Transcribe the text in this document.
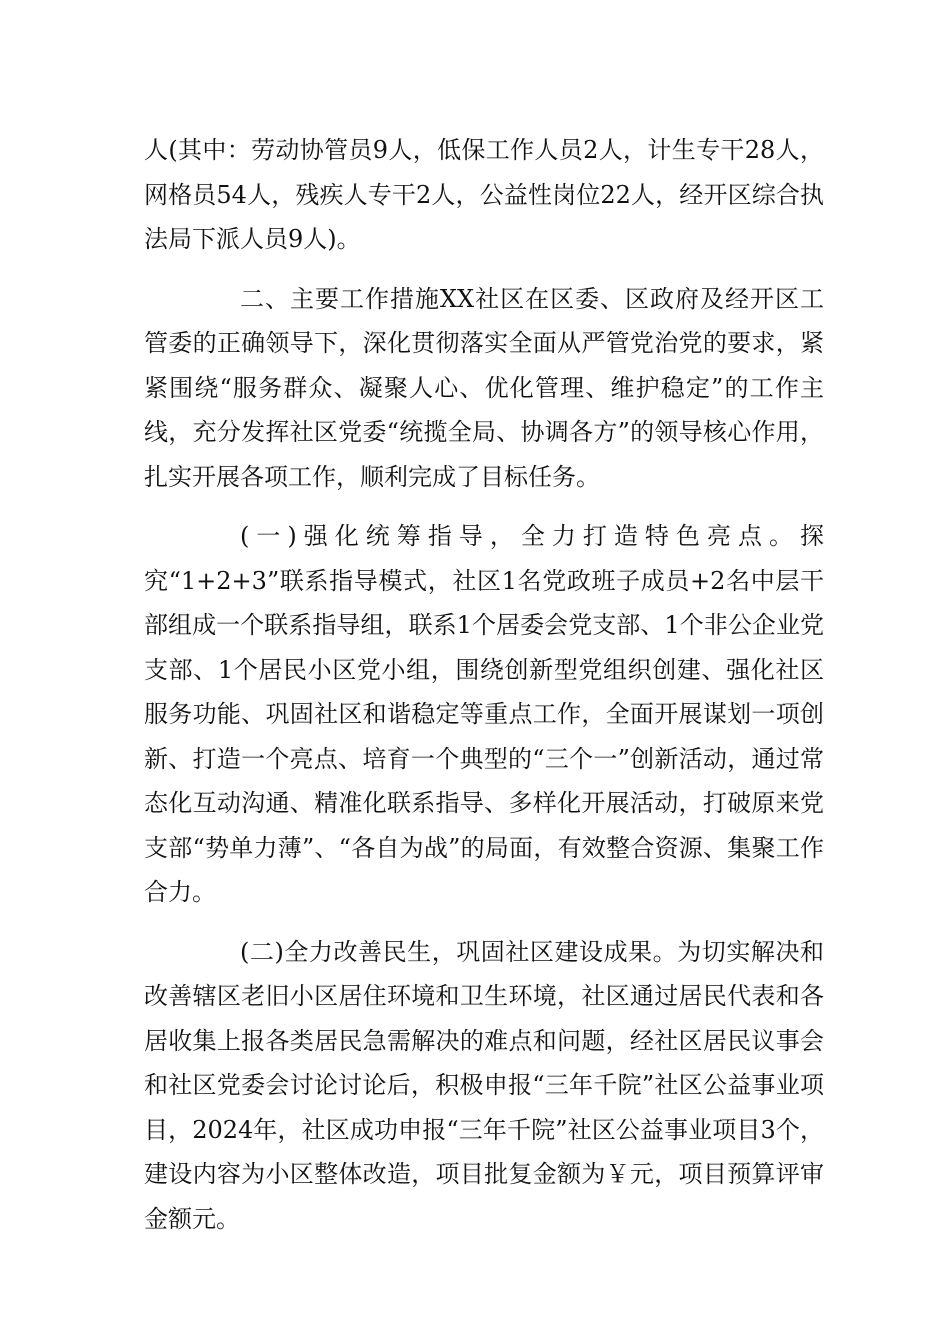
人(其中：劳动协管员9人，低保工作人员2人，计生专干28人，网格员54人，残疾人专干2人，公益性岗位22人，经开区综合执法局下派人员9人)。

二、主要工作措施XX社区在区委、区政府及经开区工管委的正确领导下，深化贯彻落实全面从严管党治党的要求，紧紧围绕“服务群众、凝聚人心、优化管理、维护稳定”的工作主线，充分发挥社区党委“统揽全局、协调各方”的领导核心作用，扎实开展各项工作，顺利完成了目标任务。

(一)强化统筹指导，全力打造特色亮点。探究“1+2+3”联系指导模式，社区1名党政班子成员+2名中层干部组成一个联系指导组，联系1个居委会党支部、1个非公企业党支部、1个居民小区党小组，围绕创新型党组织创建、强化社区服务功能、巩固社区和谐稳定等重点工作，全面开展谋划一项创新、打造一个亮点、培育一个典型的“三个一”创新活动，通过常态化互动沟通、精准化联系指导、多样化开展活动，打破原来党支部“势单力薄”、“各自为战”的局面，有效整合资源、集聚工作合力。

(二)全力改善民生，巩固社区建设成果。为切实解决和改善辖区老旧小区居住环境和卫生环境，社区通过居民代表和各居收集上报各类居民急需解决的难点和问题，经社区居民议事会和社区党委会讨论讨论后，积极申报“三年千院”社区公益事业项目，2024年，社区成功申报“三年千院”社区公益事业项目3个，建设内容为小区整体改造，项目批复金额为￥元，项目预算评审金额元。
